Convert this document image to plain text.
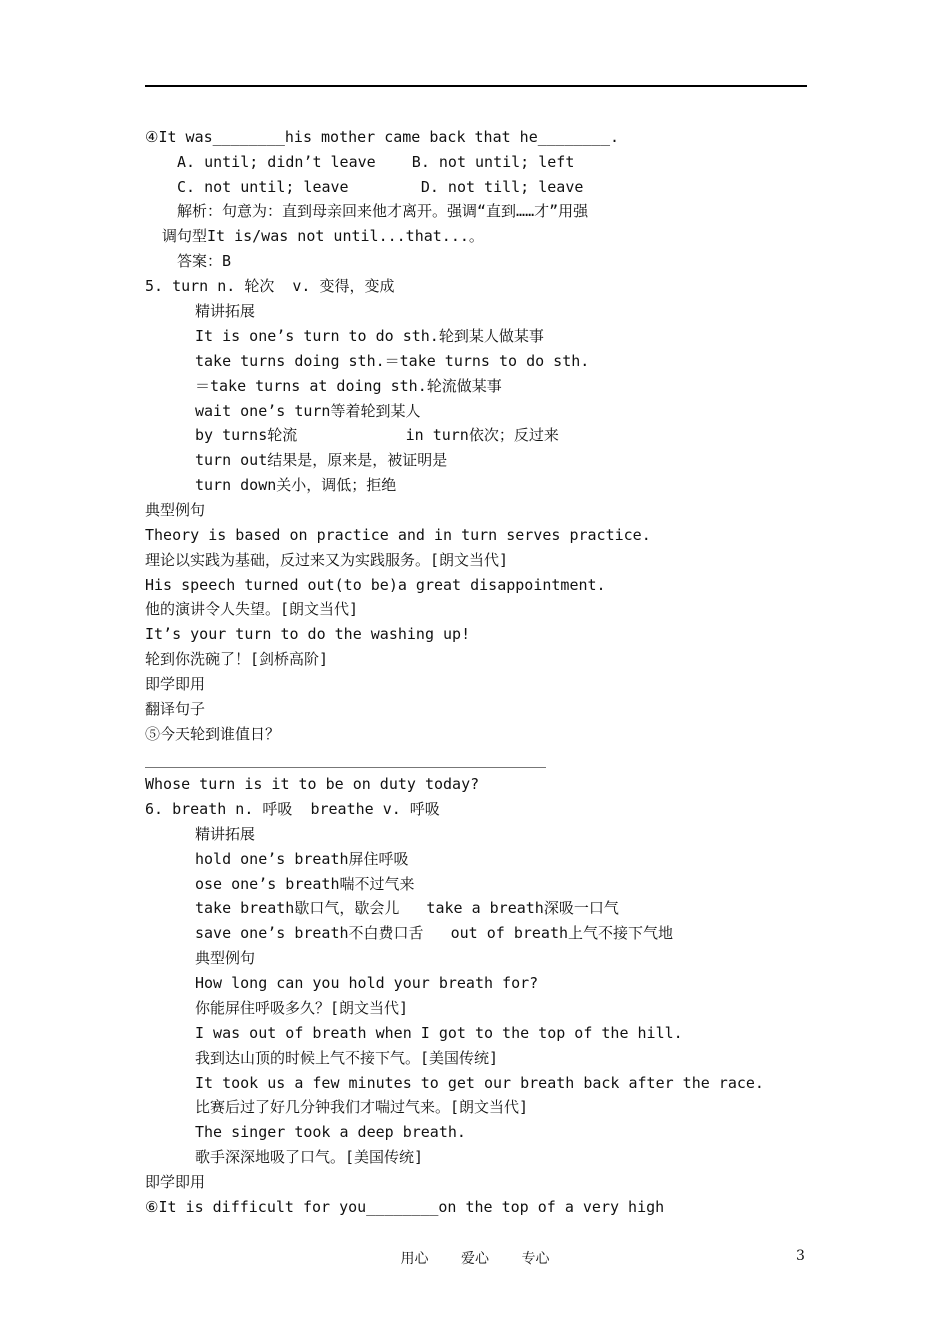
④It was________his mother came back that he________.
A. until; didn’t leave    B. not until; left
C. not until; leave        D. not till; leave
解析：句意为：直到母亲回来他才离开。强调“直到……才”用强
调句型It is/was not until...that...。
答案：B
5. turn n. 轮次  v. 变得，变成
精讲拓展
It is one’s turn to do sth.轮到某人做某事
take turns doing sth.＝take turns to do sth.
＝take turns at doing sth.轮流做某事
wait one’s turn等着轮到某人
by turns轮流            in turn依次；反过来
turn out结果是，原来是，被证明是
turn down关小，调低；拒绝
典型例句
Theory is based on practice and in turn serves practice.
理论以实践为基础，反过来又为实践服务。[朗文当代]
His speech turned out(to be)a great disappointment.
他的演讲令人失望。[朗文当代]
It’s your turn to do the washing up!
轮到你洗碗了！[剑桥高阶]
即学即用
翻译句子
⑤今天轮到谁值日？
Whose turn is it to be on duty today?
6. breath n. 呼吸  breathe v. 呼吸
精讲拓展
hold one’s breath屏住呼吸
ose one’s breath喘不过气来
take breath歇口气，歇会儿   take a breath深吸一口气
save one’s breath不白费口舌   out of breath上气不接下气地
典型例句
How long can you hold your breath for?
你能屏住呼吸多久？[朗文当代]
I was out of breath when I got to the top of the hill.
我到达山顶的时候上气不接下气。[美国传统]
It took us a few minutes to get our breath back after the race.
比赛后过了好几分钟我们才喘过气来。[朗文当代]
The singer took a deep breath.
歌手深深地吸了口气。[美国传统]
即学即用
⑥It is difficult for you________on the top of a very high
用心 爱心 专心	3
